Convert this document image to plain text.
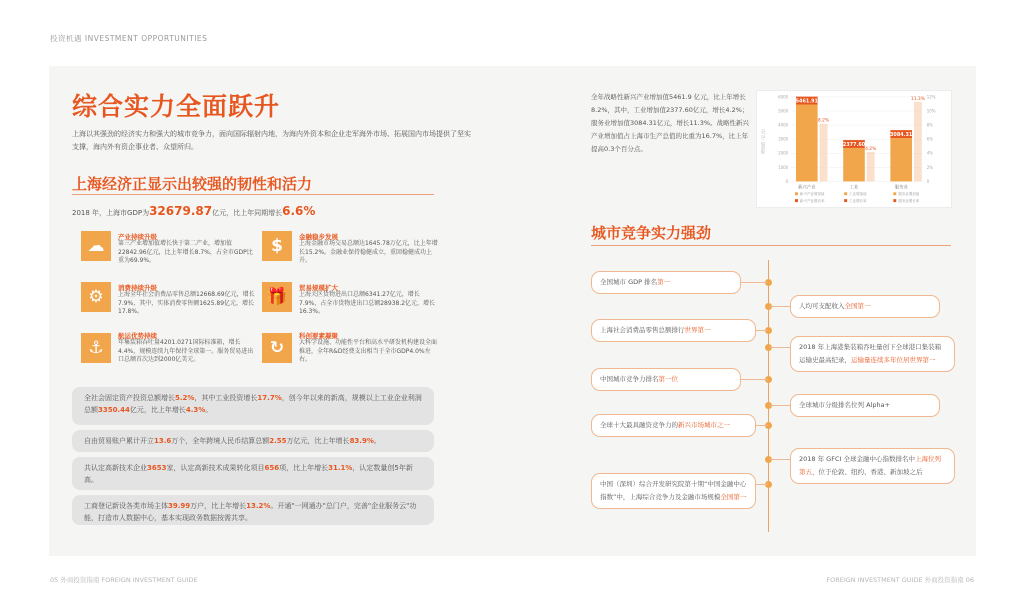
投资机遇 INVESTMENT OPPORTUNITIES
综合实力全面跃升
上海以其强劲的经济实力和强大的城市竞争力，面向国际辐射内地，为海内外资本和企业走军海外市场、拓展国内市场提供了坚实支撑，海内外有资企事业者、众望所归。
上海经济正显示出较强的韧性和活力
2018 年，上海市GDP为32679.87亿元，比上年同期增长6.6%
☁	产业持续升级
第三产业增加值增长快于第二产业，增加值22842.96亿元，比上年增长8.7%，占全市GDP比重为69.9%。
$	金融稳步发展
上海金融市场交易总额达1645.78万亿元，比上年增长15.2%。金融业保持稳健成立，重回稳健成功上升。
⚙	消费持续升级
上海全年社会消费品零售总额12668.69亿元，增长7.9%，其中，实体消费零售额1625.89亿元，增长17.8%。
🎁	贸易规模扩大
上海关区货物进出口总额6341.27亿元，增长7.9%，占全市货物进出口总额28938.2亿元，增长16.3%。
⚓
航运优势持续
年集装箱吞吐量4201.0271国际标准箱，增长4.4%，规模连续九年保持全球第一。服务贸易进出口总额首次达到2000亿美元。
↻
科创要素凝聚
大科学设施、功能性平台和高水平研发机构建设全面推进，全年R&D经费支出相当于全市GDP4.0%左右。
全社会固定资产投资总额增长5.2%，其中工业投资增长17.7%，创今年以来的新高，规模以上工业企业利润总额3350.44亿元，比上年增长4.3%。
自由贸易账户累计开立13.6万个，全年跨境人民币结算总额2.55万亿元，比上年增长83.9%。
共认定高新技术企业3653家，认定高新技术成果转化项目656项，比上年增长31.1%，认定数量创5年新高。
工商登记新设各类市场主体39.99万户，比上年增长13.2%。开通"一网通办"总门户，完善"企业服务云"功能，打造市人数据中心，基本实现政务数据按需共享。
全年战略性新兴产业增加值5461.9 亿元，比上年增长8.2%，其中，工业增加值2377.60亿元，增长4.2%；服务业增加值3084.31亿元，增长11.3%。战略性新兴产业增加值占上海市生产总值的比重为16.7%，比上年提高0.3个百分点。	增加值（亿元）
6000	12%
5000	10%
4000	8%
3000	6%
2000	4%
1000	2%
0	0
5461.91
8.2%
新兴产业
2377.60
4.2%
工业
3084.31
11.3%
服务业
新兴产业增加值	工业增加值	服务业增加值
新兴产业增长率	工业增长率	服务业增长率
城市竞争实力强劲
全国城市 GDP 排名第一
人均可支配收入全国第一
上海社会消费品零售总额排行世界第一
2018 年上海港集装箱吞吐量创下全球港口集装箱运输史最高纪录，运输量连续多年位居世界第一
中国城市竞争力排名第一位
全球城市分级排名位列 Alpha+
全球十大最具融资竞争力的新兴市场城市之一
2018 年 GFCI 全球金融中心指数排名中上海位列第五，位于伦敦、纽约、香港、新加坡之后
中国（深圳）综合开发研究院第十期“中国金融中心指数”中，上海综合竞争力及金融市场规模全国第一
05 外商投资指南 FOREIGN INVESTMENT GUIDE	FOREIGN INVESTMENT GUIDE 外商投资指南 06
